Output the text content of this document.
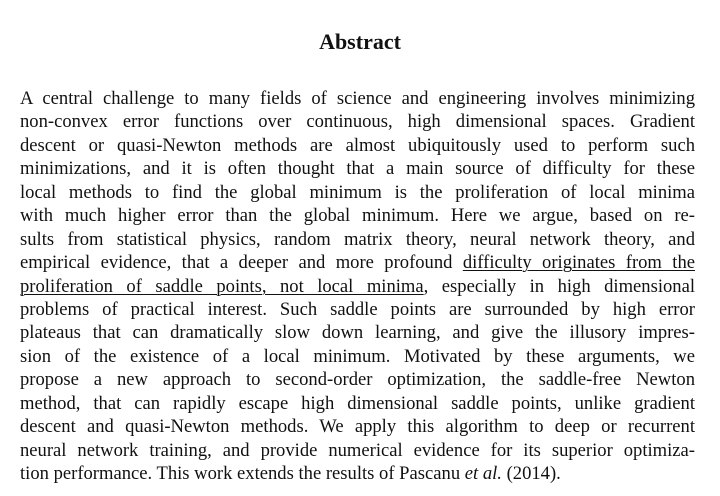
Abstract
A central challenge to many fields of science and engineering involves minimizing
non-convex error functions over continuous, high dimensional spaces. Gradient
descent or quasi-Newton methods are almost ubiquitously used to perform such
minimizations, and it is often thought that a main source of difficulty for these
local methods to find the global minimum is the proliferation of local minima
with much higher error than the global minimum. Here we argue, based on re-
sults from statistical physics, random matrix theory, neural network theory, and
empirical evidence, that a deeper and more profound difficulty originates from the
proliferation of saddle points, not local minima, especially in high dimensional
problems of practical interest. Such saddle points are surrounded by high error
plateaus that can dramatically slow down learning, and give the illusory impres-
sion of the existence of a local minimum. Motivated by these arguments, we
propose a new approach to second-order optimization, the saddle-free Newton
method, that can rapidly escape high dimensional saddle points, unlike gradient
descent and quasi-Newton methods. We apply this algorithm to deep or recurrent
neural network training, and provide numerical evidence for its superior optimiza-
tion performance. This work extends the results of Pascanu et al. (2014).
